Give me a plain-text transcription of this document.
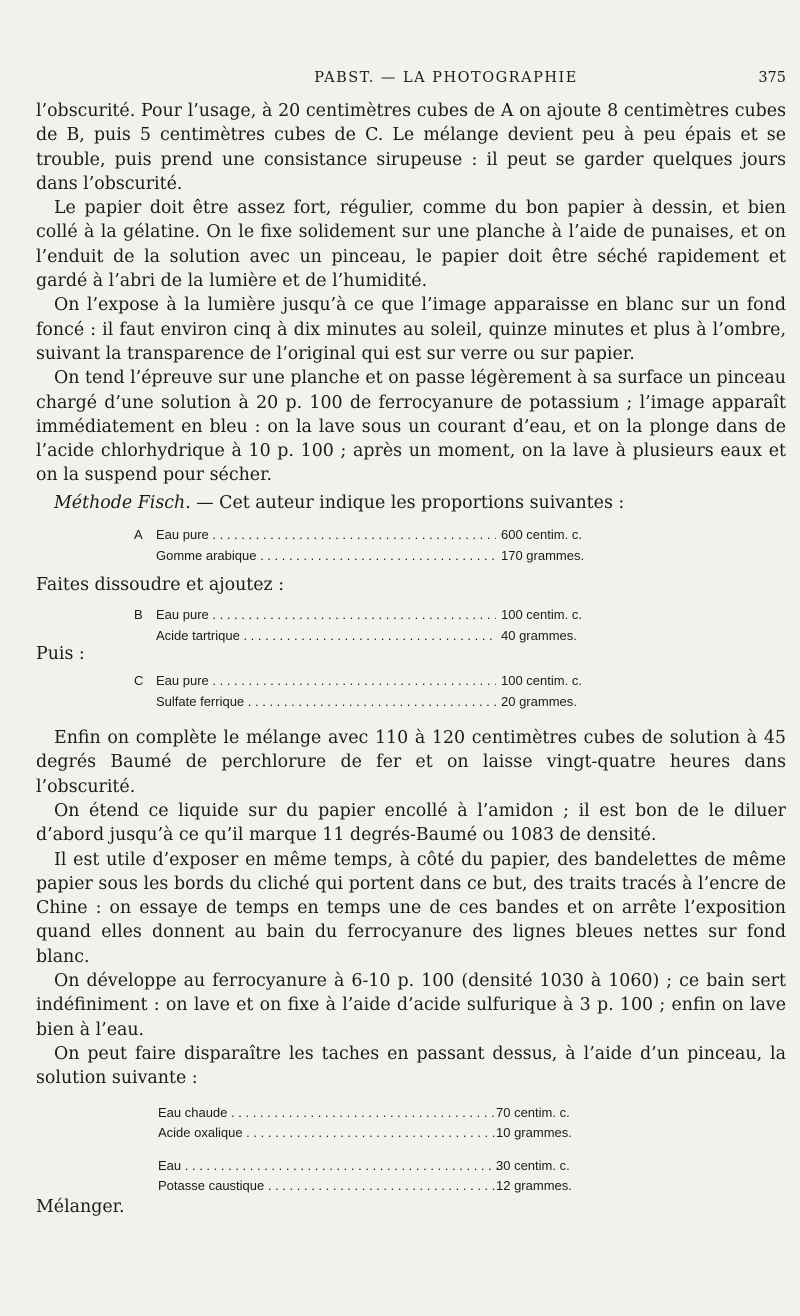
PABST. — LA PHOTOGRAPHIE	375

l’obscurité. Pour l’usage, à 20 centimètres cubes de A on ajoute 8 centimètres cubes de B, puis 5 centimètres cubes de C. Le mélange devient peu à peu épais et se trouble, puis prend une consistance sirupeuse : il peut se garder quelques jours dans l’obscurité.

Le papier doit être assez fort, régulier, comme du bon papier à dessin, et bien collé à la gélatine. On le fixe solidement sur une planche à l’aide de punaises, et on l’enduit de la solution avec un pinceau, le papier doit être séché rapidement et gardé à l’abri de la lumière et de l’humidité.

On l’expose à la lumière jusqu’à ce que l’image apparaisse en blanc sur un fond foncé : il faut environ cinq à dix minutes au soleil, quinze minutes et plus à l’ombre, suivant la transparence de l’original qui est sur verre ou sur papier.

On tend l’épreuve sur une planche et on passe légèrement à sa surface un pinceau chargé d’une solution à 20 p. 100 de ferrocyanure de potassium ; l’image apparaît immédiatement en bleu : on la lave sous un courant d’eau, et on la plonge dans de l’acide chlorhydrique à 10 p. 100 ; après un moment, on la lave à plusieurs eaux et on la suspend pour sécher.

Méthode Fisch. — Cet auteur indique les proportions suivantes :

A Eau pure . . .	600 centim. c.
Gomme arabique . . .	170 grammes.
Faites dissoudre et ajoutez :
B Eau pure . . .	100 centim. c.
Acide tartrique . . .	40 grammes.
Puis :
C Eau pure . . .	100 centim. c.
Sulfate ferrique . . .	20 grammes.

Enfin on complète le mélange avec 110 à 120 centimètres cubes de solution à 45 degrés Baumé de perchlorure de fer et on laisse vingt-quatre heures dans l’obscurité.

On étend ce liquide sur du papier encollé à l’amidon ; il est bon de le diluer d’abord jusqu’à ce qu’il marque 11 degrés-Baumé ou 1083 de densité.

Il est utile d’exposer en même temps, à côté du papier, des bandelettes de même papier sous les bords du cliché qui portent dans ce but, des traits tracés à l’encre de Chine : on essaye de temps en temps une de ces bandes et on arrête l’exposition quand elles donnent au bain du ferrocyanure des lignes bleues nettes sur fond blanc.

On développe au ferrocyanure à 6-10 p. 100 (densité 1030 à 1060) ; ce bain sert indéfiniment : on lave et on fixe à l’aide d’acide sulfurique à 3 p. 100 ; enfin on lave bien à l’eau.

On peut faire disparaître les taches en passant dessus, à l’aide d’un pinceau, la solution suivante :

Eau chaude . . .	70 centim. c.
Acide oxalique . . .	10 grammes.
Eau . . .	30 centim. c.
Potasse caustique . . .	12 grammes.
Mélanger.
